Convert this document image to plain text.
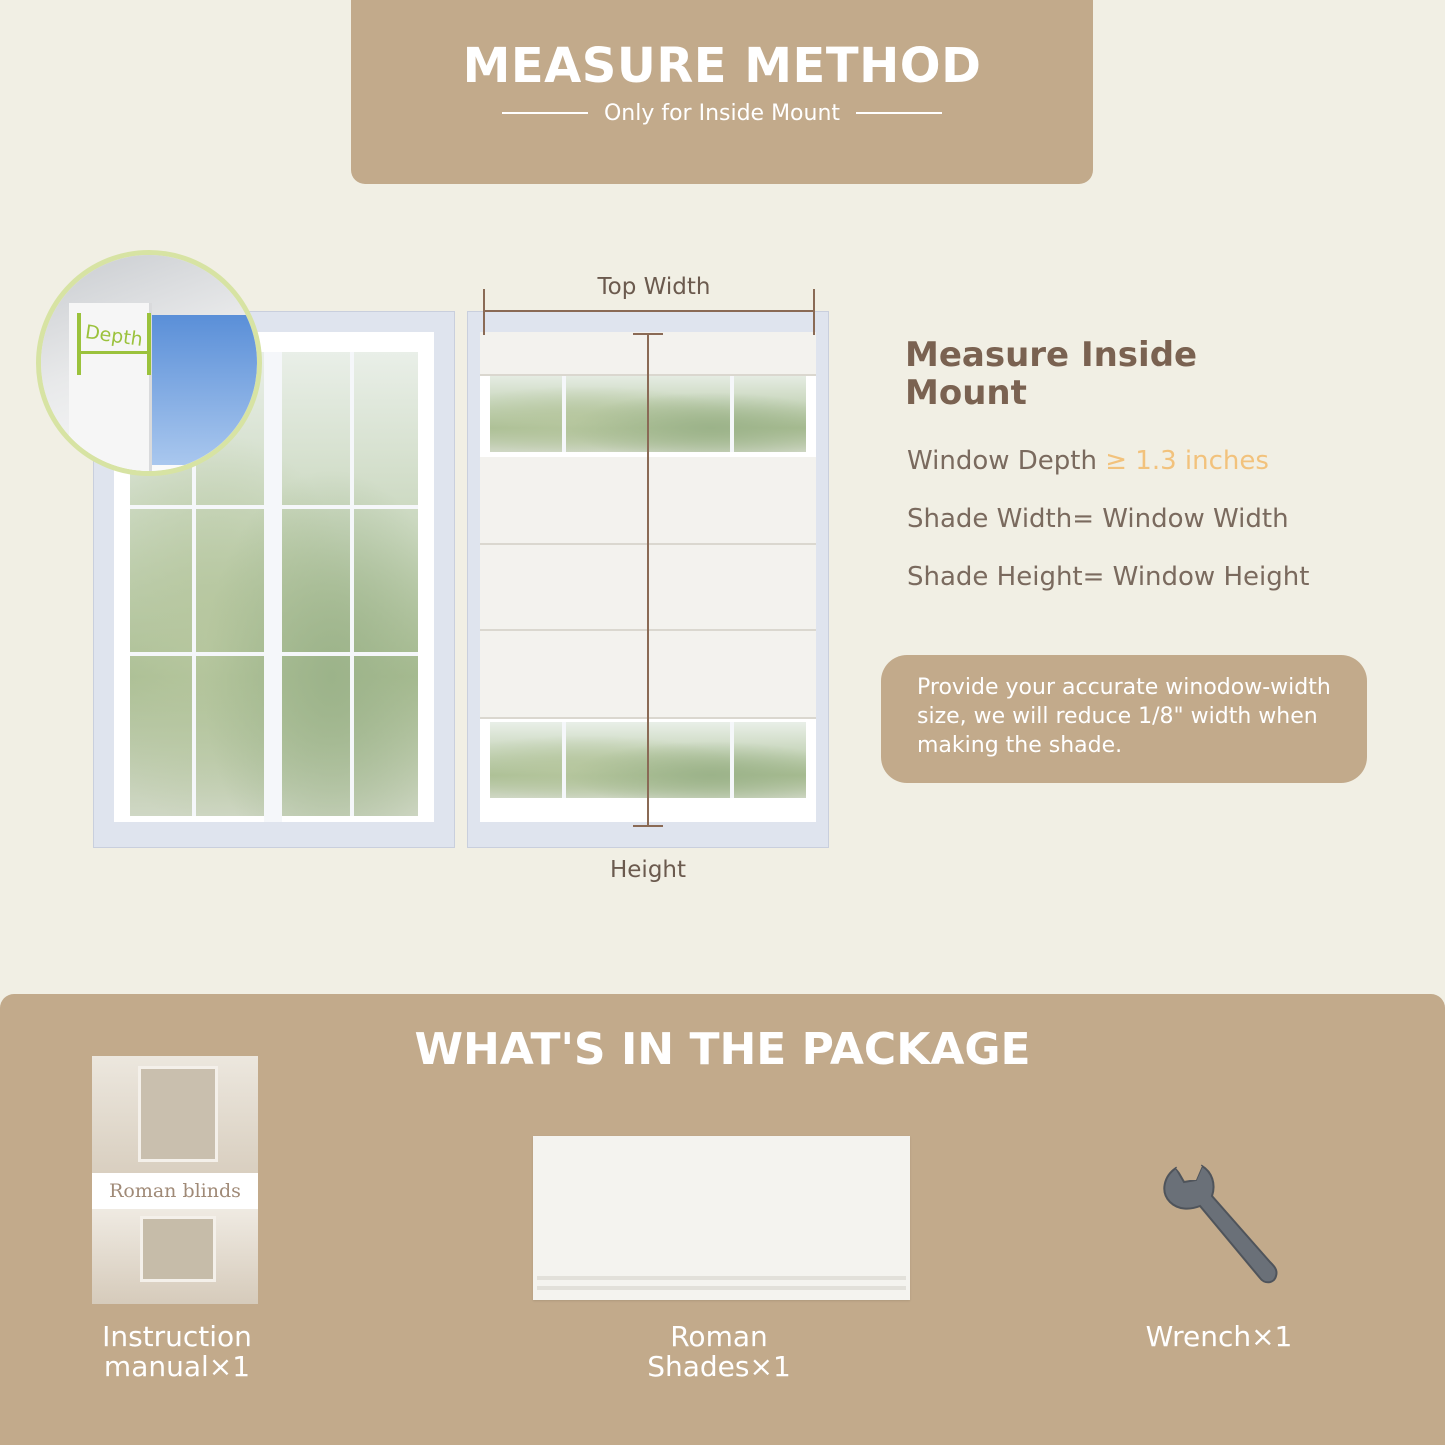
MEASURE METHOD
Only for Inside Mount
Depth
Top Width
Height
Measure Inside Mount
Window Depth ≥ 1.3 inches
Shade Width= Window Width
Shade Height= Window Height
Provide your accurate winodow-width size, we will reduce 1/8" width when making the shade.
WHAT'S IN THE PACKAGE
Roman blinds
Instruction manual×1
Roman Shades×1
Wrench×1
